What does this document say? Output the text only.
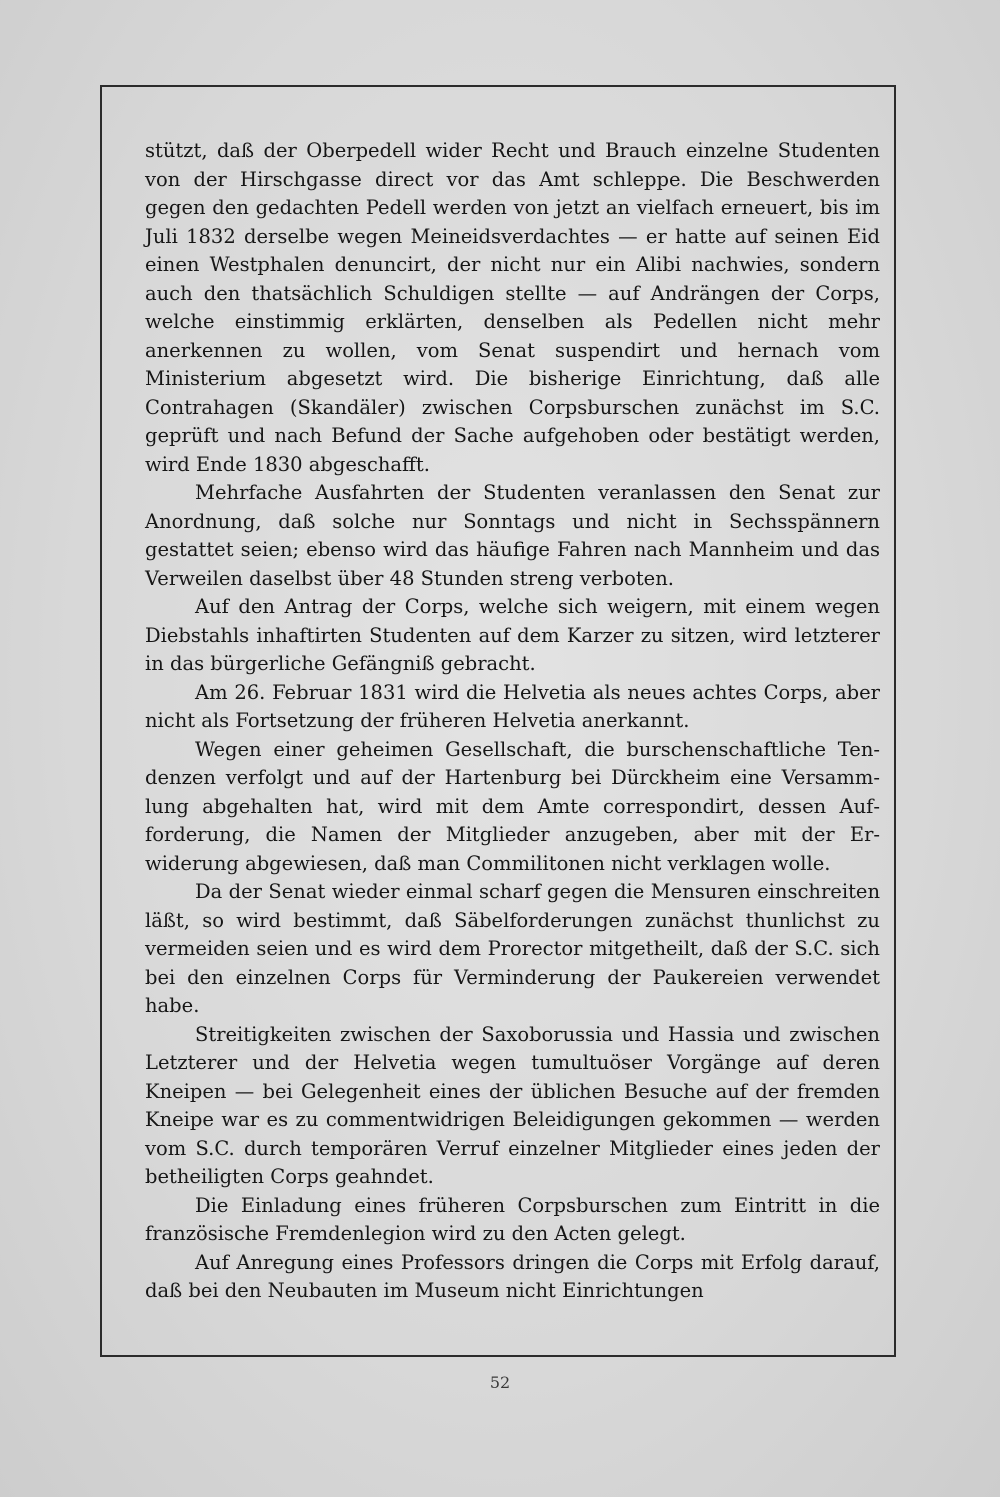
stützt, daß der Oberpedell wider Recht und Brauch einzelne Studenten von der Hirschgasse direct vor das Amt schleppe. Die Beschwerden gegen den gedachten Pedell werden von jetzt an vielfach erneuert, bis im Juli 1832 derselbe wegen Meineidsverdachtes — er hatte auf seinen Eid einen Westphalen denuncirt, der nicht nur ein Alibi nachwies, sondern auch den thatsächlich Schuldigen stellte — auf Andrängen der Corps, welche einstimmig erklärten, denselben als Pedellen nicht mehr anerkennen zu wollen, vom Senat suspendirt und hernach vom Ministerium abgesetzt wird. Die bisherige Einrichtung, daß alle Contrahagen (Skandäler) zwischen Corpsburschen zunächst im S.C. geprüft und nach Befund der Sache aufgehoben oder bestätigt werden, wird Ende 1830 abgeschafft.

Mehrfache Ausfahrten der Studenten veranlassen den Senat zur Anordnung, daß solche nur Sonntags und nicht in Sechsspännern gestattet seien; ebenso wird das häufige Fahren nach Mannheim und das Verweilen daselbst über 48 Stunden streng verboten.

Auf den Antrag der Corps, welche sich weigern, mit einem wegen Diebstahls inhaftirten Studenten auf dem Karzer zu sitzen, wird letzterer in das bürgerliche Gefängniß gebracht.

Am 26. Februar 1831 wird die Helvetia als neues achtes Corps, aber nicht als Fortsetzung der früheren Helvetia anerkannt.

Wegen einer geheimen Gesellschaft, die burschenschaftliche Tendenzen verfolgt und auf der Hartenburg bei Dürckheim eine Versammlung abgehalten hat, wird mit dem Amte correspondirt, dessen Aufforderung, die Namen der Mitglieder anzugeben, aber mit der Erwiderung abgewiesen, daß man Commilitonen nicht verklagen wolle.

Da der Senat wieder einmal scharf gegen die Mensuren einschreiten läßt, so wird bestimmt, daß Säbelforderungen zunächst thunlichst zu vermeiden seien und es wird dem Prorector mitgetheilt, daß der S.C. sich bei den einzelnen Corps für Verminderung der Paukereien verwendet habe.

Streitigkeiten zwischen der Saxoborussia und Hassia und zwischen Letzterer und der Helvetia wegen tumultuöser Vorgänge auf deren Kneipen — bei Gelegenheit eines der üblichen Besuche auf der fremden Kneipe war es zu commentwidrigen Beleidigungen gekommen — werden vom S.C. durch temporären Verruf einzelner Mitglieder eines jeden der betheiligten Corps geahndet.

Die Einladung eines früheren Corpsburschen zum Eintritt in die französische Fremdenlegion wird zu den Acten gelegt.

Auf Anregung eines Professors dringen die Corps mit Erfolg darauf, daß bei den Neubauten im Museum nicht Einrichtungen

52
